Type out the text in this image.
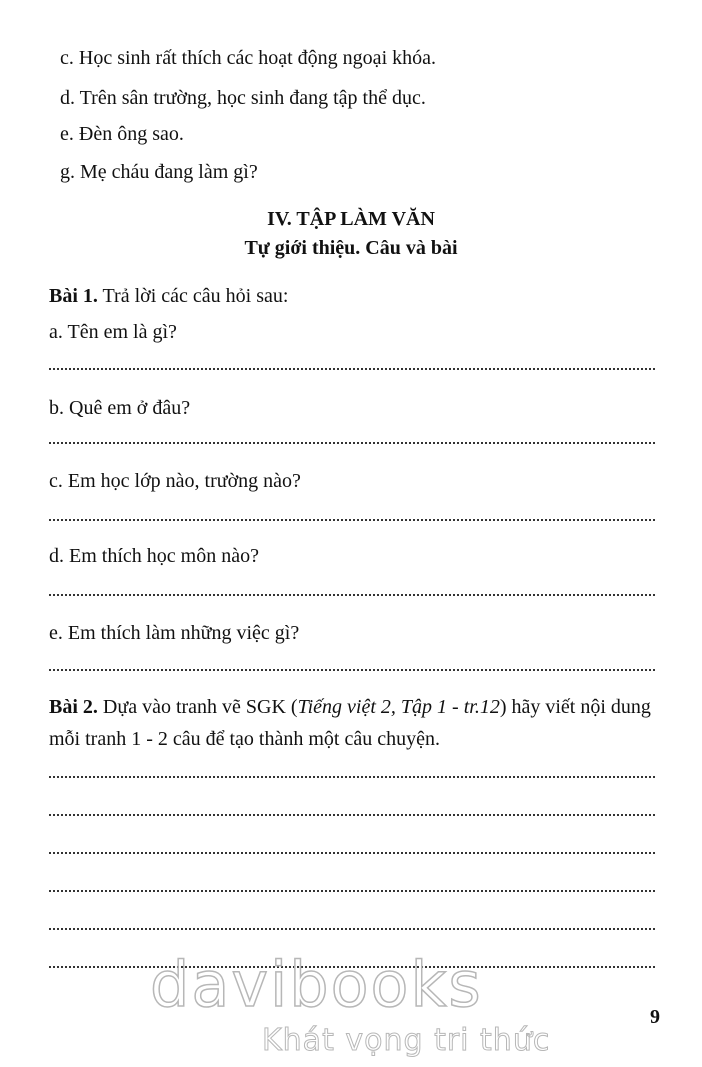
c. Học sinh rất thích các hoạt động ngoại khóa.
d. Trên sân trường, học sinh đang tập thể dục.
e. Đèn ông sao.
g. Mẹ cháu đang làm gì?
IV. TẬP LÀM VĂN
Tự giới thiệu. Câu và bài
Bài 1. Trả lời các câu hỏi sau:
a. Tên em là gì?
b. Quê em ở đâu?
c. Em học lớp nào, trường nào?
d. Em thích học môn nào?
e. Em thích làm những việc gì?
Bài 2. Dựa vào tranh vẽ SGK (Tiếng việt 2, Tập 1 - tr.12) hãy viết nội dung mỗi tranh 1 - 2 câu để tạo thành một câu chuyện.
davibooks
Khát vọng tri thức
9
